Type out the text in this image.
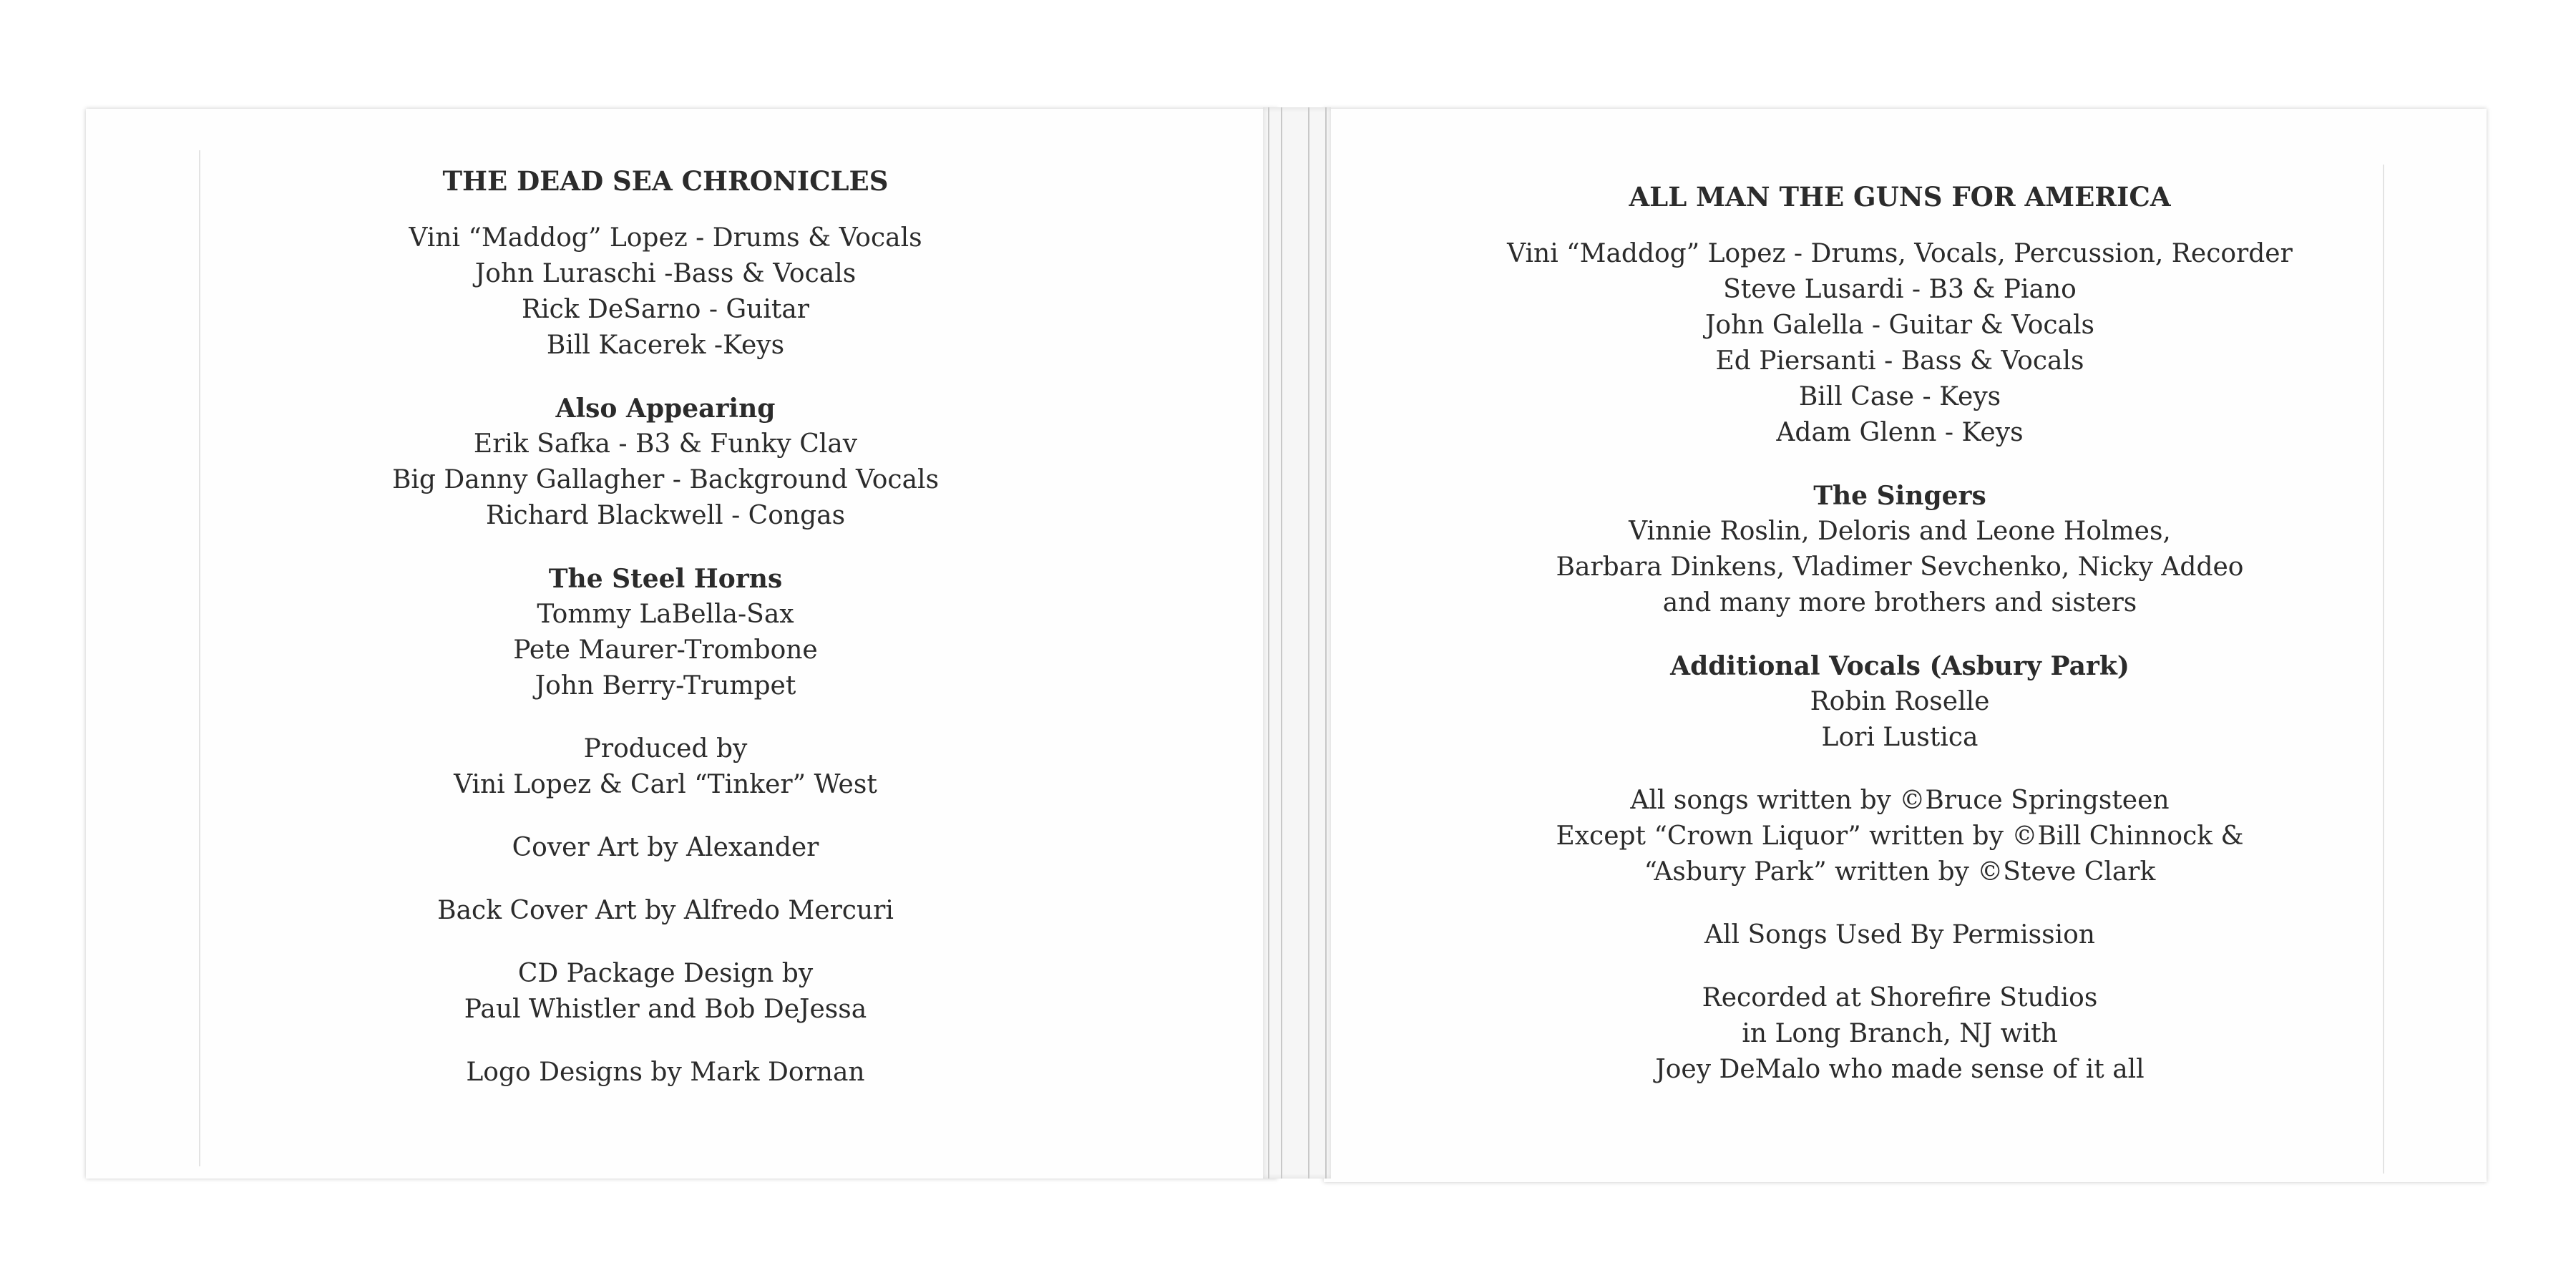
THE DEAD SEA CHRONICLES
Vini “Maddog” Lopez - Drums & Vocals
John Luraschi -Bass & Vocals
Rick DeSarno - Guitar
Bill Kacerek -Keys
Also Appearing
Erik Safka - B3 & Funky Clav
Big Danny Gallagher - Background Vocals
Richard Blackwell - Congas
The Steel Horns
Tommy LaBella-Sax
Pete Maurer-Trombone
John Berry-Trumpet
Produced by
Vini Lopez & Carl “Tinker” West
Cover Art by Alexander
Back Cover Art by Alfredo Mercuri
CD Package Design by
Paul Whistler and Bob DeJessa
Logo Designs by Mark Dornan
ALL MAN THE GUNS FOR AMERICA
Vini “Maddog” Lopez - Drums, Vocals, Percussion, Recorder
Steve Lusardi - B3 & Piano
John Galella - Guitar & Vocals
Ed Piersanti - Bass & Vocals
Bill Case - Keys
Adam Glenn - Keys
The Singers
Vinnie Roslin, Deloris and Leone Holmes,
Barbara Dinkens, Vladimer Sevchenko, Nicky Addeo
and many more brothers and sisters
Additional Vocals (Asbury Park)
Robin Roselle
Lori Lustica
All songs written by ©Bruce Springsteen
Except “Crown Liquor” written by ©Bill Chinnock &
“Asbury Park” written by ©Steve Clark
All Songs Used By Permission
Recorded at Shorefire Studios
in Long Branch, NJ with
Joey DeMalo who made sense of it all
